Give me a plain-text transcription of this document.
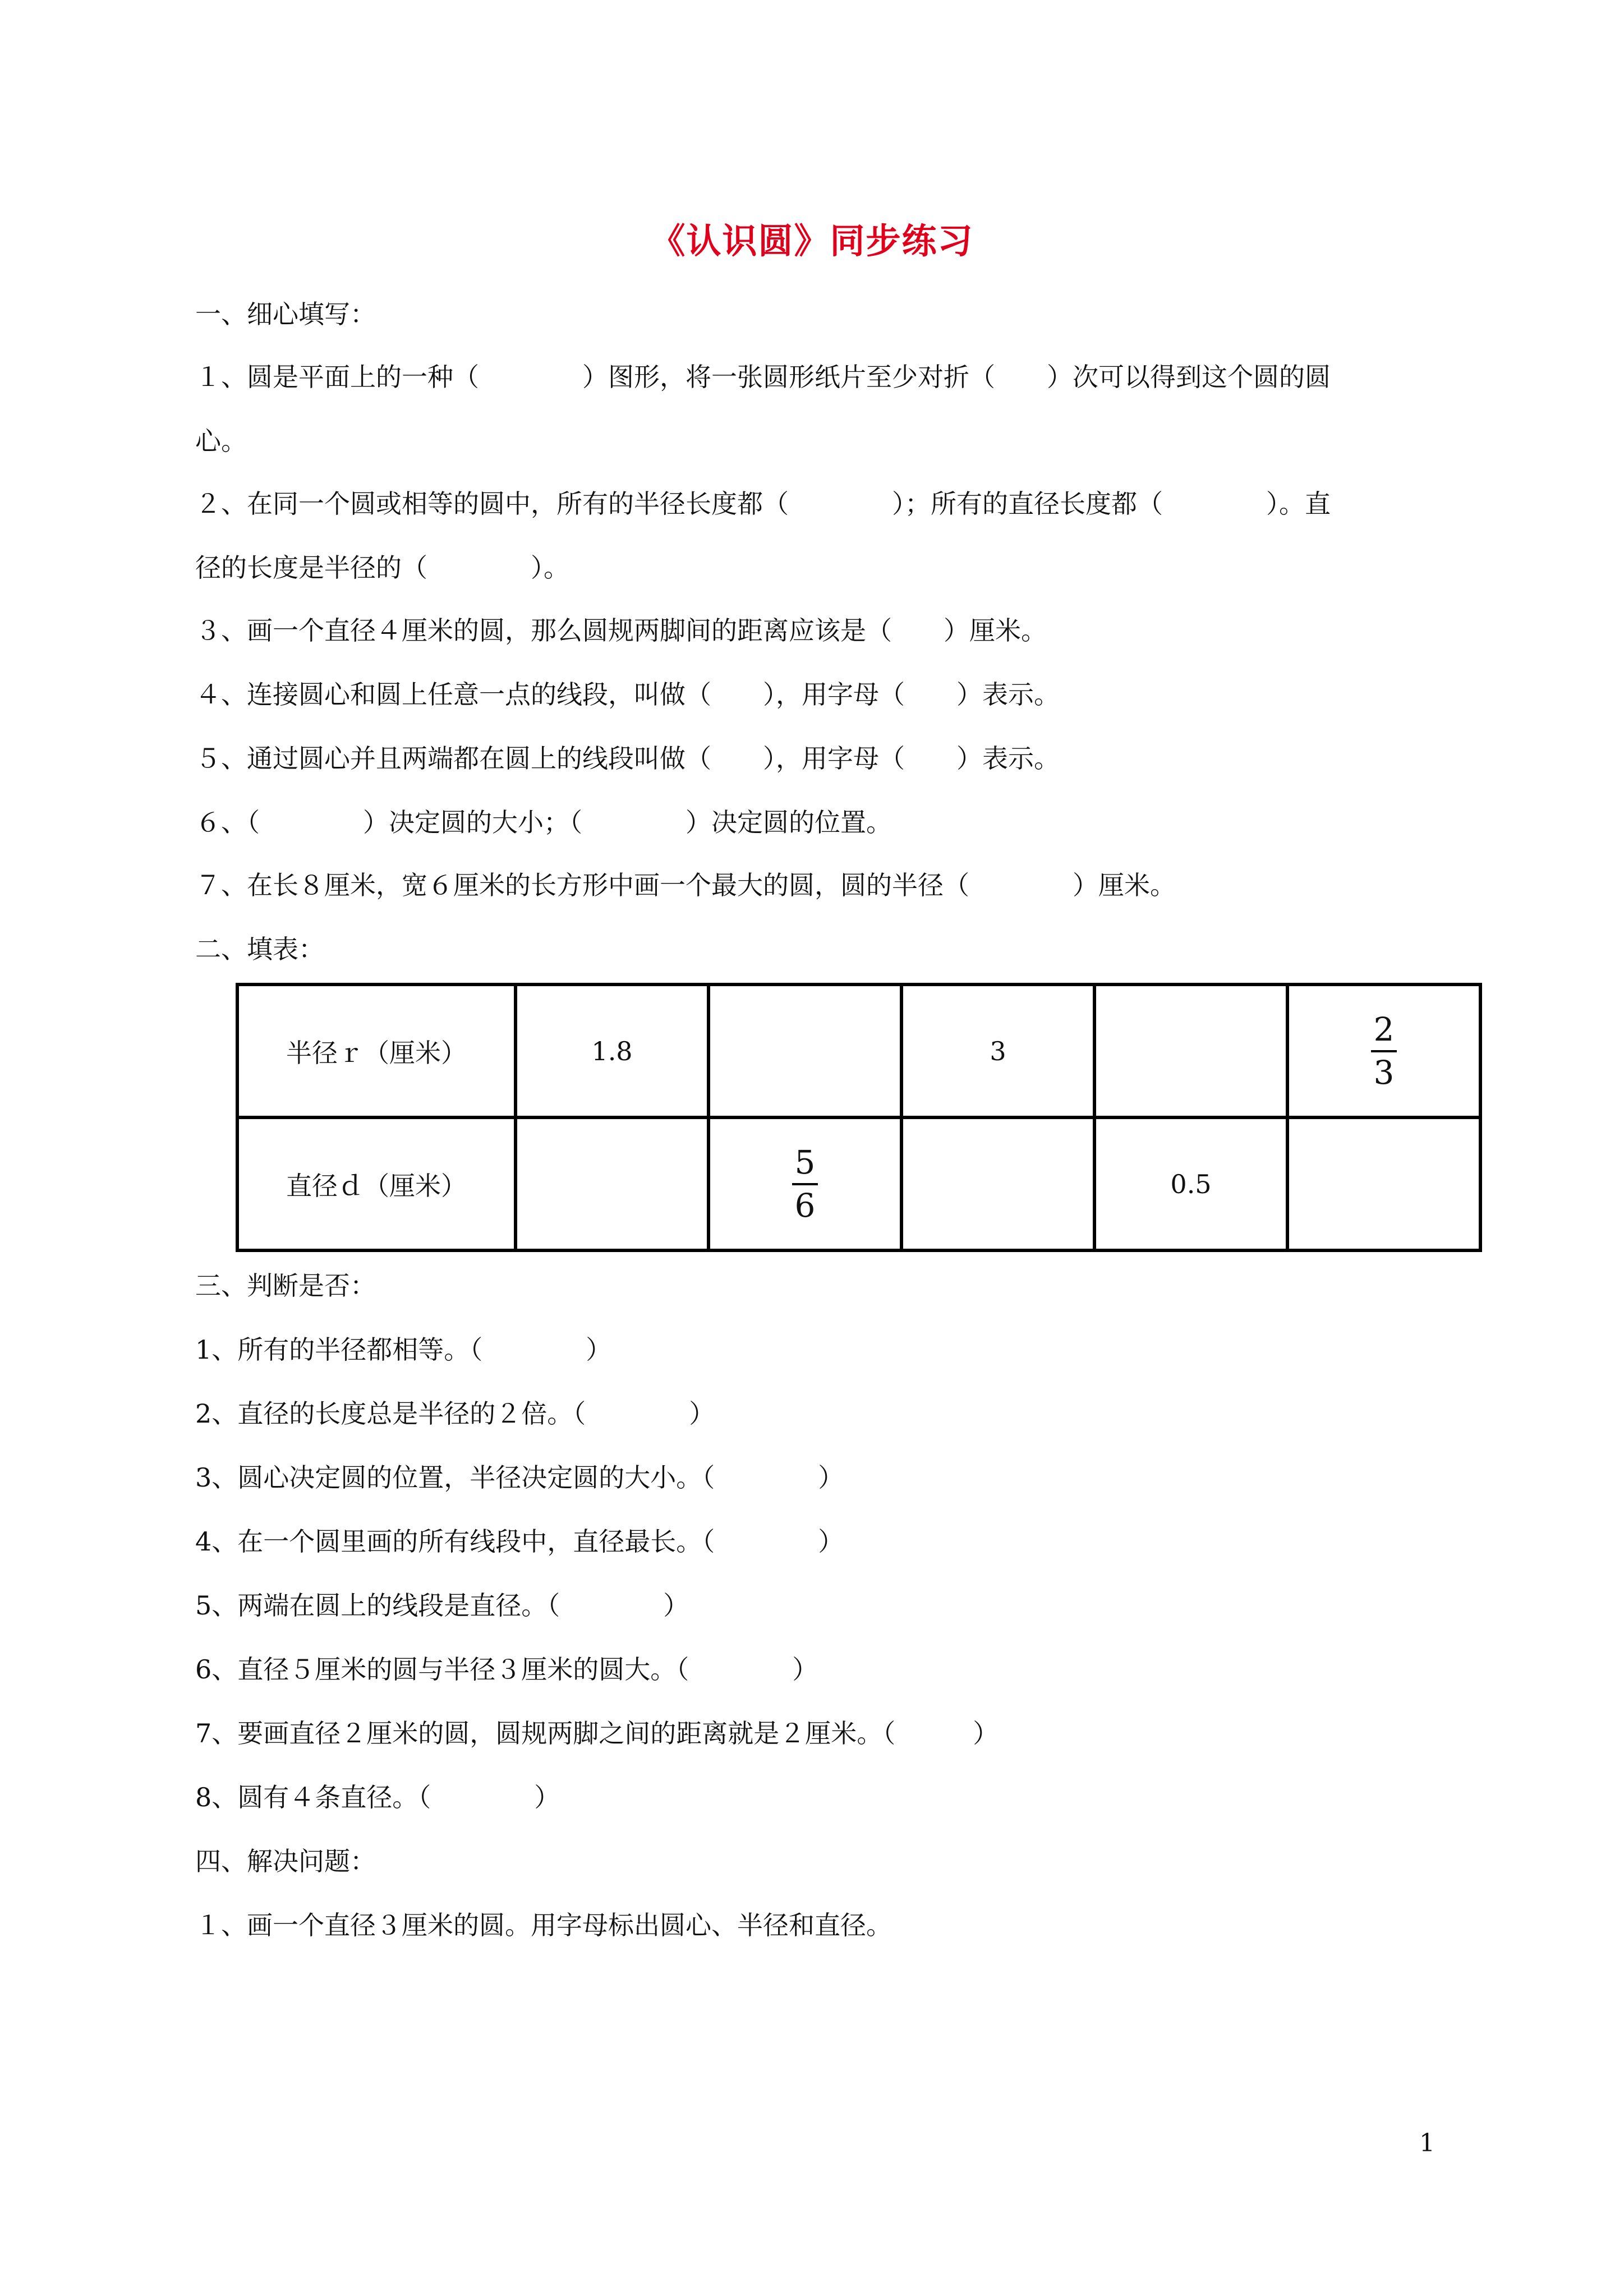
《认识圆》同步练习
一、细心填写：
１、圆是平面上的一种（　　　　）图形，将一张圆形纸片至少对折（　　）次可以得到这个圆的圆
心。
２、在同一个圆或相等的圆中，所有的半径长度都（　　　　）；所有的直径长度都（　　　　）。直
径的长度是半径的（　　　　）。
３、画一个直径４厘米的圆，那么圆规两脚间的距离应该是（　　）厘米。
４、连接圆心和圆上任意一点的线段，叫做（　　），用字母（　　）表示。
５、通过圆心并且两端都在圆上的线段叫做（　　），用字母（　　）表示。
６、（　　　　）决定圆的大小；（　　　　）决定圆的位置。
７、在长８厘米，宽６厘米的长方形中画一个最大的圆，圆的半径（　　　　）厘米。
二、填表：
半径ｒ（厘米）	1.8		3		$\frac{2}{3}$

直径ｄ（厘米）		$\frac{5}{6}$		0.5	
三、判断是否：
1、所有的半径都相等。（　　　　）
2、直径的长度总是半径的２倍。（　　　　）
3、圆心决定圆的位置，半径决定圆的大小。（　　　　）
4、在一个圆里画的所有线段中，直径最长。（　　　　）
5、两端在圆上的线段是直径。（　　　　）
6、直径５厘米的圆与半径３厘米的圆大。（　　　　）
7、要画直径２厘米的圆，圆规两脚之间的距离就是２厘米。（　　　）
8、圆有４条直径。（　　　　）
四、解决问题：
１、画一个直径３厘米的圆。用字母标出圆心、半径和直径。
1
